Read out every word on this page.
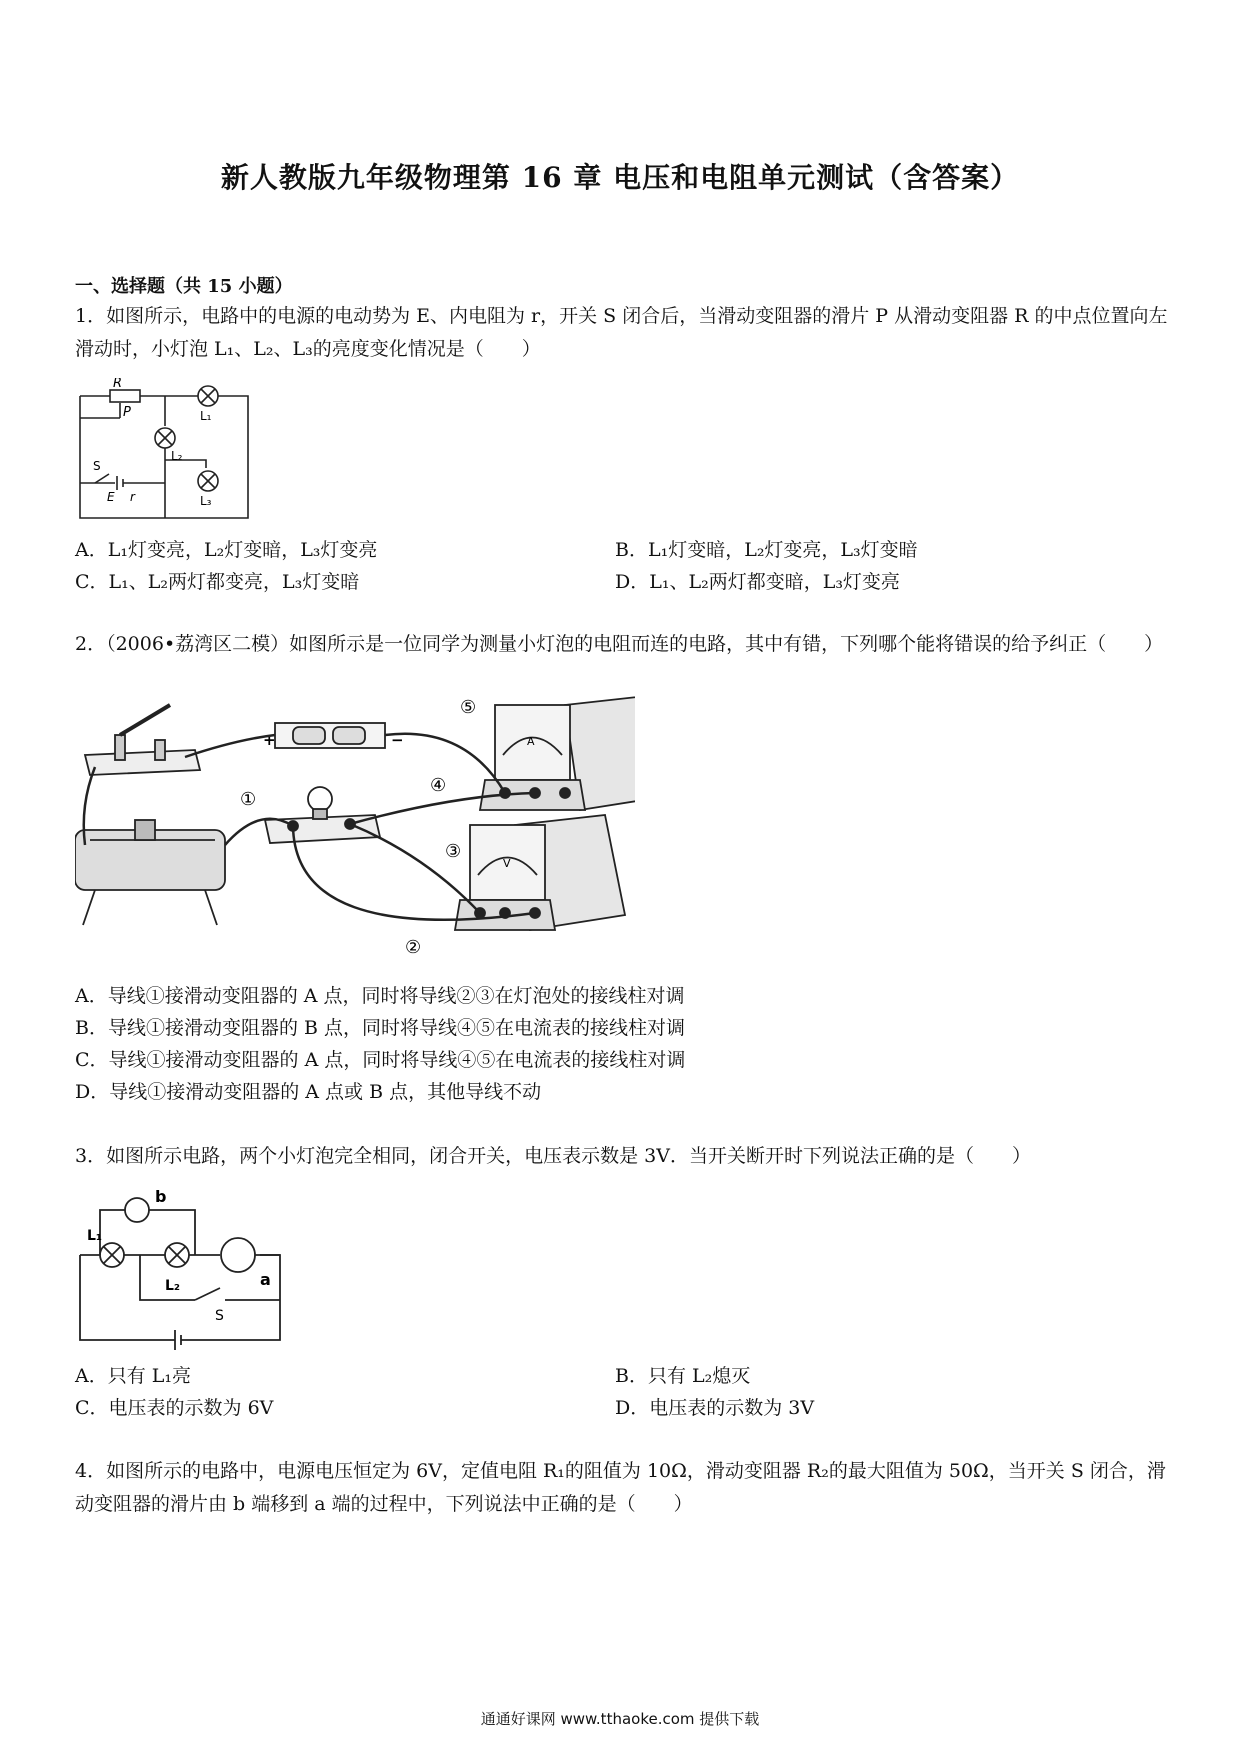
新人教版九年级物理第 16 章 电压和电阻单元测试（含答案）
一、选择题（共 15 小题）
1．如图所示，电路中的电源的电动势为 E、内电阻为 r，开关 S 闭合后，当滑动变阻器的滑片 P 从滑动变阻器 R 的中点位置向左滑动时，小灯泡 L₁、L₂、L₃的亮度变化情况是（　　）
R
P	L₁
L₂
L₃
S
E r
A．L₁灯变亮，L₂灯变暗，L₃灯变亮	B．L₁灯变暗，L₂灯变亮，L₃灯变暗
C．L₁、L₂两灯都变亮，L₃灯变暗	D．L₁、L₂两灯都变暗，L₃灯变亮
2．（2006•荔湾区二模）如图所示是一位同学为测量小灯泡的电阻而连的电路，其中有错，下列哪个能将错误的给予纠正（　　）
+	−	A
V
⑤
①
④
③
②
A．导线①接滑动变阻器的 A 点，同时将导线②③在灯泡处的接线柱对调
B．导线①接滑动变阻器的 B 点，同时将导线④⑤在电流表的接线柱对调
C．导线①接滑动变阻器的 A 点，同时将导线④⑤在电流表的接线柱对调
D．导线①接滑动变阻器的 A 点或 B 点，其他导线不动
3．如图所示电路，两个小灯泡完全相同，闭合开关，电压表示数是 3V．当开关断开时下列说法正确的是（　　）
b
L₁
L₂	a
S
A．只有 L₁亮	B．只有 L₂熄灭
C．电压表的示数为 6V	D．电压表的示数为 3V
4．如图所示的电路中，电源电压恒定为 6V，定值电阻 R₁的阻值为 10Ω，滑动变阻器 R₂的最大阻值为 50Ω，当开关 S 闭合，滑动变阻器的滑片由 b 端移到 a 端的过程中，下列说法中正确的是（　　）
通通好课网 www.tthaoke.com 提供下载
